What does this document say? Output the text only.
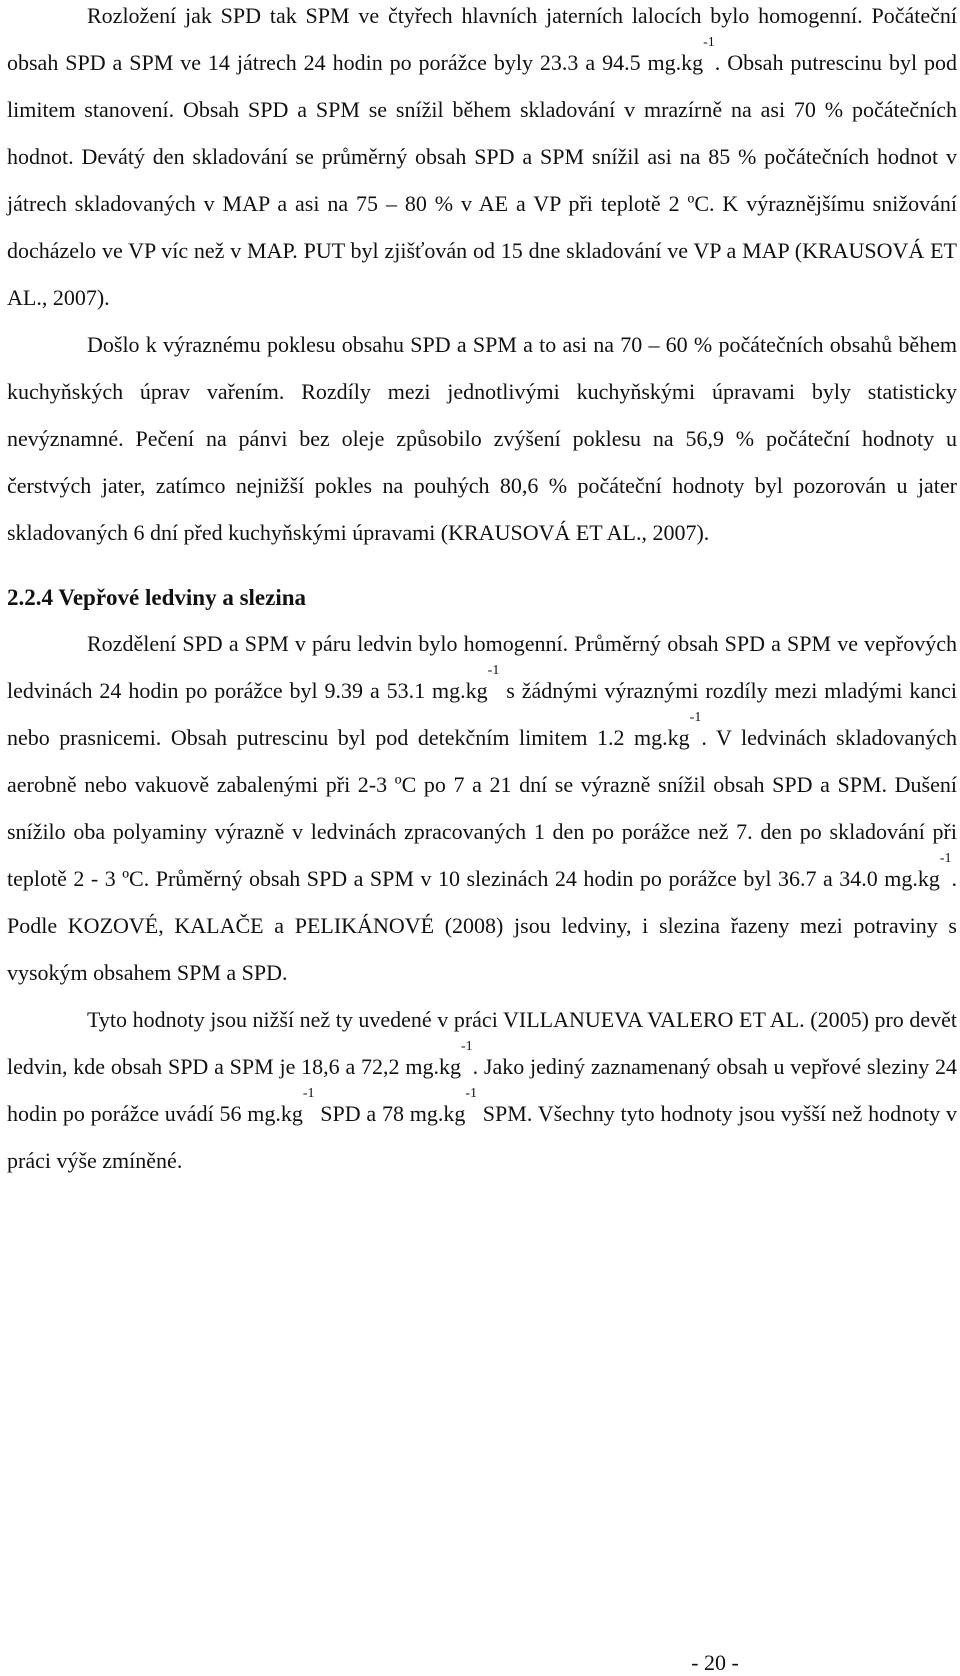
Rozložení jak SPD tak SPM ve čtyřech hlavních jaterních lalocích bylo homogenní. Počáteční obsah SPD a SPM ve 14 játrech 24 hodin po porážce byly 23.3 a 94.5 $mg.kg^{-1}$. Obsah putrescinu byl pod limitem stanovení. Obsah SPD a SPM se snížil během skladování v mrazírně na asi 70 % počátečních hodnot. Devátý den skladování se průměrný obsah SPD a SPM snížil asi na 85 % počátečních hodnot v játrech skladovaných v MAP a asi na 75 – 80 % v AE a VP při teplotě 2 ºC. K výraznějšímu snižování docházelo ve VP víc než v MAP. PUT byl zjišťován od 15 dne skladování ve VP a MAP (KRAUSOVÁ ET AL., 2007).

Došlo k výraznému poklesu obsahu SPD a SPM a to asi na 70 – 60 % počátečních obsahů během kuchyňských úprav vařením. Rozdíly mezi jednotlivými kuchyňskými úpravami byly statisticky nevýznamné. Pečení na pánvi bez oleje způsobilo zvýšení poklesu na 56,9 % počáteční hodnoty u čerstvých jater, zatímco nejnižší pokles na pouhých 80,6 % počáteční hodnoty byl pozorován u jater skladovaných 6 dní před kuchyňskými úpravami (KRAUSOVÁ ET AL., 2007).

2.2.4 Vepřové ledviny a slezina

Rozdělení SPD a SPM v páru ledvin bylo homogenní. Průměrný obsah SPD a SPM ve vepřových ledvinách 24 hodin po porážce byl 9.39 a 53.1 $mg.kg^{-1}$ s žádnými výraznými rozdíly mezi mladými kanci nebo prasnicemi. Obsah putrescinu byl pod detekčním limitem 1.2 $mg.kg^{-1}$. V ledvinách skladovaných aerobně nebo vakuově zabalenými při 2-3 ºC po 7 a 21 dní se výrazně snížil obsah SPD a SPM. Dušení snížilo oba polyaminy výrazně v ledvinách zpracovaných 1 den po porážce než 7. den po skladování při teplotě 2 - 3 ºC. Průměrný obsah SPD a SPM v 10 slezinách 24 hodin po porážce byl 36.7 a 34.0 $mg.kg^{-1}$. Podle KOZOVÉ, KALAČE a PELIKÁNOVÉ (2008) jsou ledviny, i slezina řazeny mezi potraviny s vysokým obsahem SPM a SPD.

Tyto hodnoty jsou nižší než ty uvedené v práci VILLANUEVA VALERO ET AL. (2005) pro devět ledvin, kde obsah SPD a SPM je 18,6 a 72,2 $mg.kg^{-1}$. Jako jediný zaznamenaný obsah u vepřové sleziny 24 hodin po porážce uvádí 56 $mg.kg^{-1}$ SPD a 78 $mg.kg^{-1}$ SPM. Všechny tyto hodnoty jsou vyšší než hodnoty v práci výše zmíněné.

- 20 -
